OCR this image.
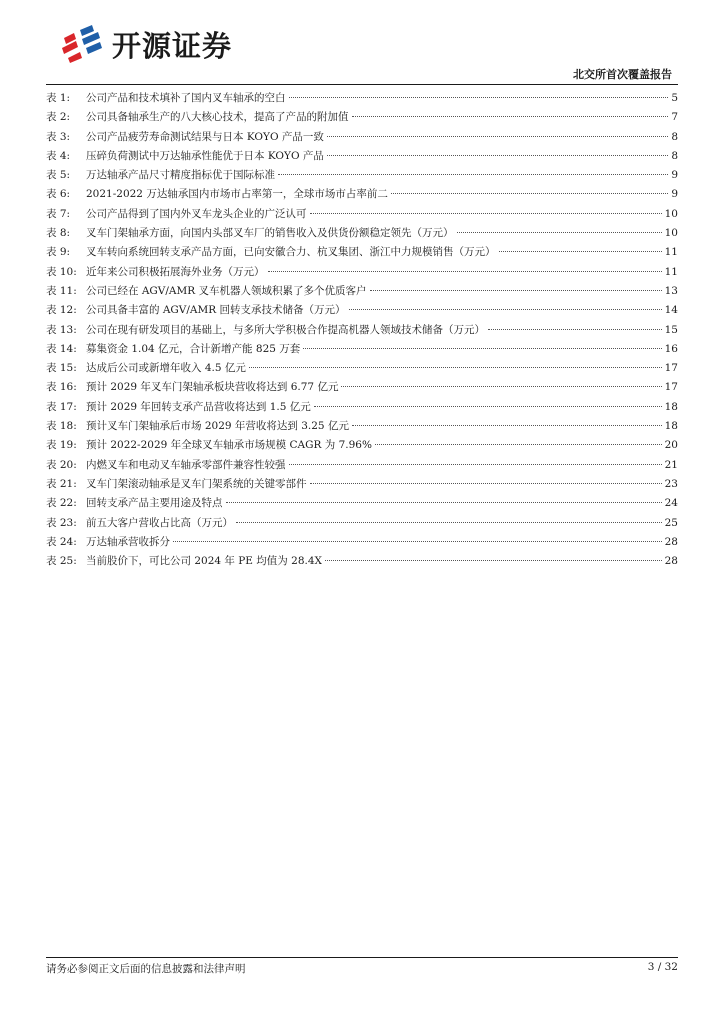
开源证券
北交所首次覆盖报告
表 1:	公司产品和技术填补了国内叉车轴承的空白	5
表 2:	公司具备轴承生产的八大核心技术，提高了产品的附加值	7
表 3:	公司产品疲劳寿命测试结果与日本 KOYO 产品一致	8
表 4:	压碎负荷测试中万达轴承性能优于日本 KOYO 产品	8
表 5:	万达轴承产品尺寸精度指标优于国际标准	9
表 6:	2021-2022 万达轴承国内市场市占率第一，全球市场市占率前二	9
表 7:	公司产品得到了国内外叉车龙头企业的广泛认可	10
表 8:	叉车门架轴承方面，向国内头部叉车厂的销售收入及供货份额稳定领先（万元）	10
表 9:	叉车转向系统回转支承产品方面，已向安徽合力、杭叉集团、浙江中力规模销售（万元）	11
表 10: 近年来公司积极拓展海外业务（万元）	11
表 11: 公司已经在 AGV/AMR 叉车机器人领域积累了多个优质客户	13
表 12: 公司具备丰富的 AGV/AMR 回转支承技术储备（万元）	14
表 13: 公司在现有研发项目的基础上，与多所大学积极合作提高机器人领域技术储备（万元）	15
表 14: 募集资金 1.04 亿元，合计新增产能 825 万套	16
表 15: 达成后公司或新增年收入 4.5 亿元	17
表 16: 预计 2029 年叉车门架轴承板块营收将达到 6.77 亿元	17
表 17: 预计 2029 年回转支承产品营收将达到 1.5 亿元	18
表 18: 预计叉车门架轴承后市场 2029 年营收将达到 3.25 亿元	18
表 19: 预计 2022-2029 年全球叉车轴承市场规模 CAGR 为 7.96%	20
表 20: 内燃叉车和电动叉车轴承零部件兼容性较强	21
表 21: 叉车门架滚动轴承是叉车门架系统的关键零部件	23
表 22: 回转支承产品主要用途及特点	24
表 23: 前五大客户营收占比高（万元）	25
表 24: 万达轴承营收拆分	28
表 25: 当前股价下，可比公司 2024 年 PE 均值为 28.4X	28
请务必参阅正文后面的信息披露和法律声明	3 / 32
